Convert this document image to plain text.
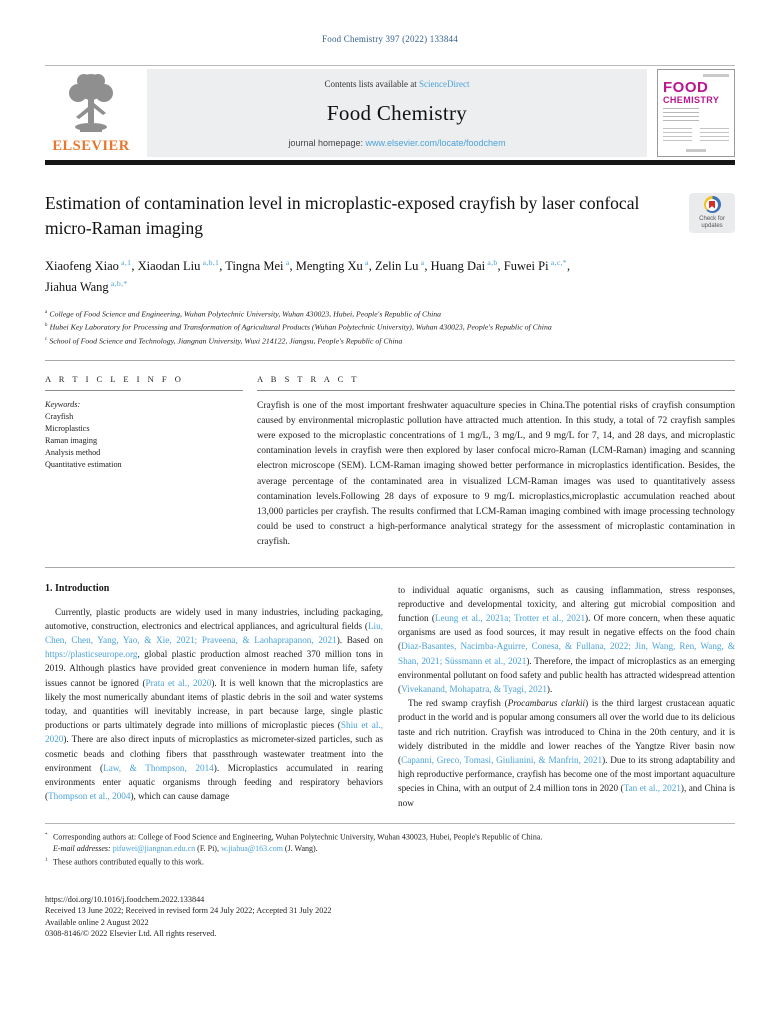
Food Chemistry 397 (2022) 133844
ELSEVIER
Contents lists available at ScienceDirect
Food Chemistry
journal homepage: www.elsevier.com/locate/foodchem
FOOD
CHEMISTRY
Estimation of contamination level in microplastic-exposed crayfish by laser confocal micro-Raman imaging	Check for updates
Xiaofeng Xiao $^{a,1}$, Xiaodan Liu $^{a,b,1}$, Tingna Mei $^a$, Mengting Xu $^a$, Zelin Lu $^a$, Huang Dai $^{a,b}$, Fuwei Pi $^{a,c,*}$, Jiahua Wang $^{a,b,*}$
$^a$ College of Food Science and Engineering, Wuhan Polytechnic University, Wuhan 430023, Hubei, People's Republic of China
$^b$ Hubei Key Laboratory for Processing and Transformation of Agricultural Products (Wuhan Polytechnic University), Wuhan 430023, People's Republic of China
$^c$ School of Food Science and Technology, Jiangnan University, Wuxi 214122, Jiangsu, People's Republic of China
A R T I C L E I N F O
Keywords:
Crayfish
Microplastics
Raman imaging
Analysis method
Quantitative estimation
A B S T R A C T
Crayfish is one of the most important freshwater aquaculture species in China.The potential risks of crayfish consumption caused by environmental microplastic pollution have attracted much attention. In this study, a total of 72 crayfish samples were exposed to the microplastic concentrations of 1 mg/L, 3 mg/L, and 9 mg/L for 7, 14, and 28 days, and microplastic contamination levels in crayfish were then explored by laser confocal micro-Raman (LCM-Raman) imaging and scanning electron microscope (SEM). LCM-Raman imaging showed better performance in microplastics identification. Besides, the average percentage of the contaminated area in visualized LCM-Raman images was used to quantitatively assess contamination levels.Following 28 days of exposure to 9 mg/L microplastics,microplastic accumulation reached about 13,000 particles per crayfish. The results confirmed that LCM-Raman imaging combined with image processing technology could be used to construct a high-performance analytical strategy for the assessment of microplastic contamination in crayfish.
1. Introduction
Currently, plastic products are widely used in many industries, including packaging, automotive, construction, electronics and electrical appliances, and agricultural fields (Liu, Chen, Chen, Yang, Yao, & Xie, 2021; Praveena, & Laohaprapanon, 2021). Based on https://plasticseurope.org, global plastic production almost reached 370 million tons in 2019. Although plastics have provided great convenience in modern human life, safety issues cannot be ignored (Prata et al., 2020). It is well known that the microplastics are likely the most numerically abundant items of plastic debris in the soil and water systems today, and quantities will inevitably increase, in part because large, single plastic productions or parts ultimately degrade into millions of microplastic pieces (Shiu et al., 2020). There are also direct inputs of microplastics as micrometer-sized particles, such as cosmetic beads and clothing fibers that passthrough wastewater treatment into the environment (Law, & Thompson, 2014). Microplastics accumulated in rearing environments enter aquatic organisms through feeding and respiratory behaviors (Thompson et al., 2004), which can cause damage
to individual aquatic organisms, such as causing inflammation, stress responses, reproductive and developmental toxicity, and altering gut microbial composition and function (Leung et al., 2021a; Trotter et al., 2021). Of more concern, when these aquatic organisms are used as food sources, it may result in negative effects on the food chain (Diaz-Basantes, Nacimba-Aguirre, Conesa, & Fullana, 2022; Jin, Wang, Ren, Wang, & Shan, 2021; Süssmann et al., 2021). Therefore, the impact of microplastics as an emerging environmental pollutant on food safety and public health has attracted widespread attention (Vivekanand, Mohapatra, & Tyagi, 2021).
The red swamp crayfish (Procambarus clarkii) is the third largest crustacean aquatic product in the world and is popular among consumers all over the world due to its delicious taste and rich nutrition. Crayfish was introduced to China in the 20th century, and it is widely distributed in the middle and lower reaches of the Yangtze River basin now (Capanni, Greco, Tomasi, Giulianini, & Manfrin, 2021). Due to its strong adaptability and high reproductive performance, crayfish has become one of the most important aquaculture species in China, with an output of 2.4 million tons in 2020 (Tan et al., 2021), and China is now
* Corresponding authors at: College of Food Science and Engineering, Wuhan Polytechnic University, Wuhan 430023, Hubei, People's Republic of China.
E-mail addresses: pifuwei@jiangnan.edu.cn (F. Pi), w.jiahua@163.com (J. Wang).
1 These authors contributed equally to this work.
https://doi.org/10.1016/j.foodchem.2022.133844
Received 13 June 2022; Received in revised form 24 July 2022; Accepted 31 July 2022
Available online 2 August 2022
0308-8146/© 2022 Elsevier Ltd. All rights reserved.
